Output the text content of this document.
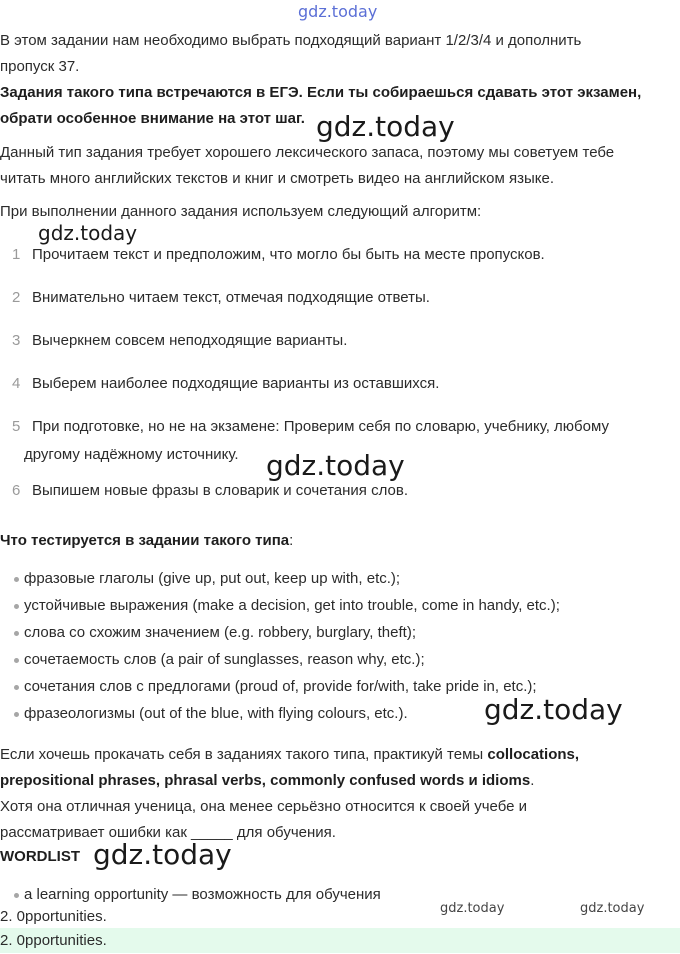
gdz.today
gdz.today
gdz.today
gdz.today
gdz.today
gdz.today
gdz.today	gdz.today

В этом задании нам необходимо выбрать подходящий вариант 1/2/3/4 и дополнить

пропуск 37.

Задания такого типа встречаются в ЕГЭ. Если ты собираешься сдавать этот экзамен,

обрати особенное внимание на этот шаг.

Данный тип задания требует хорошего лексического запаса, поэтому мы советуем тебе

читать много английских текстов и книг и смотреть видео на английском языке.

При выполнении данного задания используем следующий алгоритм:

1 Прочитаем текст и предположим, что могло бы быть на месте пропусков.
2 Внимательно читаем текст, отмечая подходящие ответы.
3 Вычеркнем совсем неподходящие варианты.
4 Выберем наиболее подходящие варианты из оставшихся.
5 При подготовке, но не на экзамене: Проверим себя по словарю, учебнику, любому
другому надёжному источнику.
6 Выпишем новые фразы в словарик и сочетания слов.

Что тестируется в задании такого типа:

фразовые глаголы (give up, put out, keep up with, etc.);
устойчивые выражения (make a decision, get into trouble, come in handy, etc.);
слова со схожим значением (e.g. robbery, burglary, theft);
сочетаемость слов (a pair of sunglasses, reason why, etc.);
сочетания слов с предлогами (proud of, provide for/with, take pride in, etc.);
фразеологизмы (out of the blue, with flying colours, etc.).

Если хочешь прокачать себя в заданиях такого типа, практикуй темы collocations,

prepositional phrases, phrasal verbs, commonly confused words и idioms.

Хотя она отличная ученица, она менее серьёзно относится к своей учебе и

рассматривает ошибки как _____ для обучения.

WORDLIST

a learning opportunity — возможность для обучения

2. 0pportunities.

2. 0pportunities.
